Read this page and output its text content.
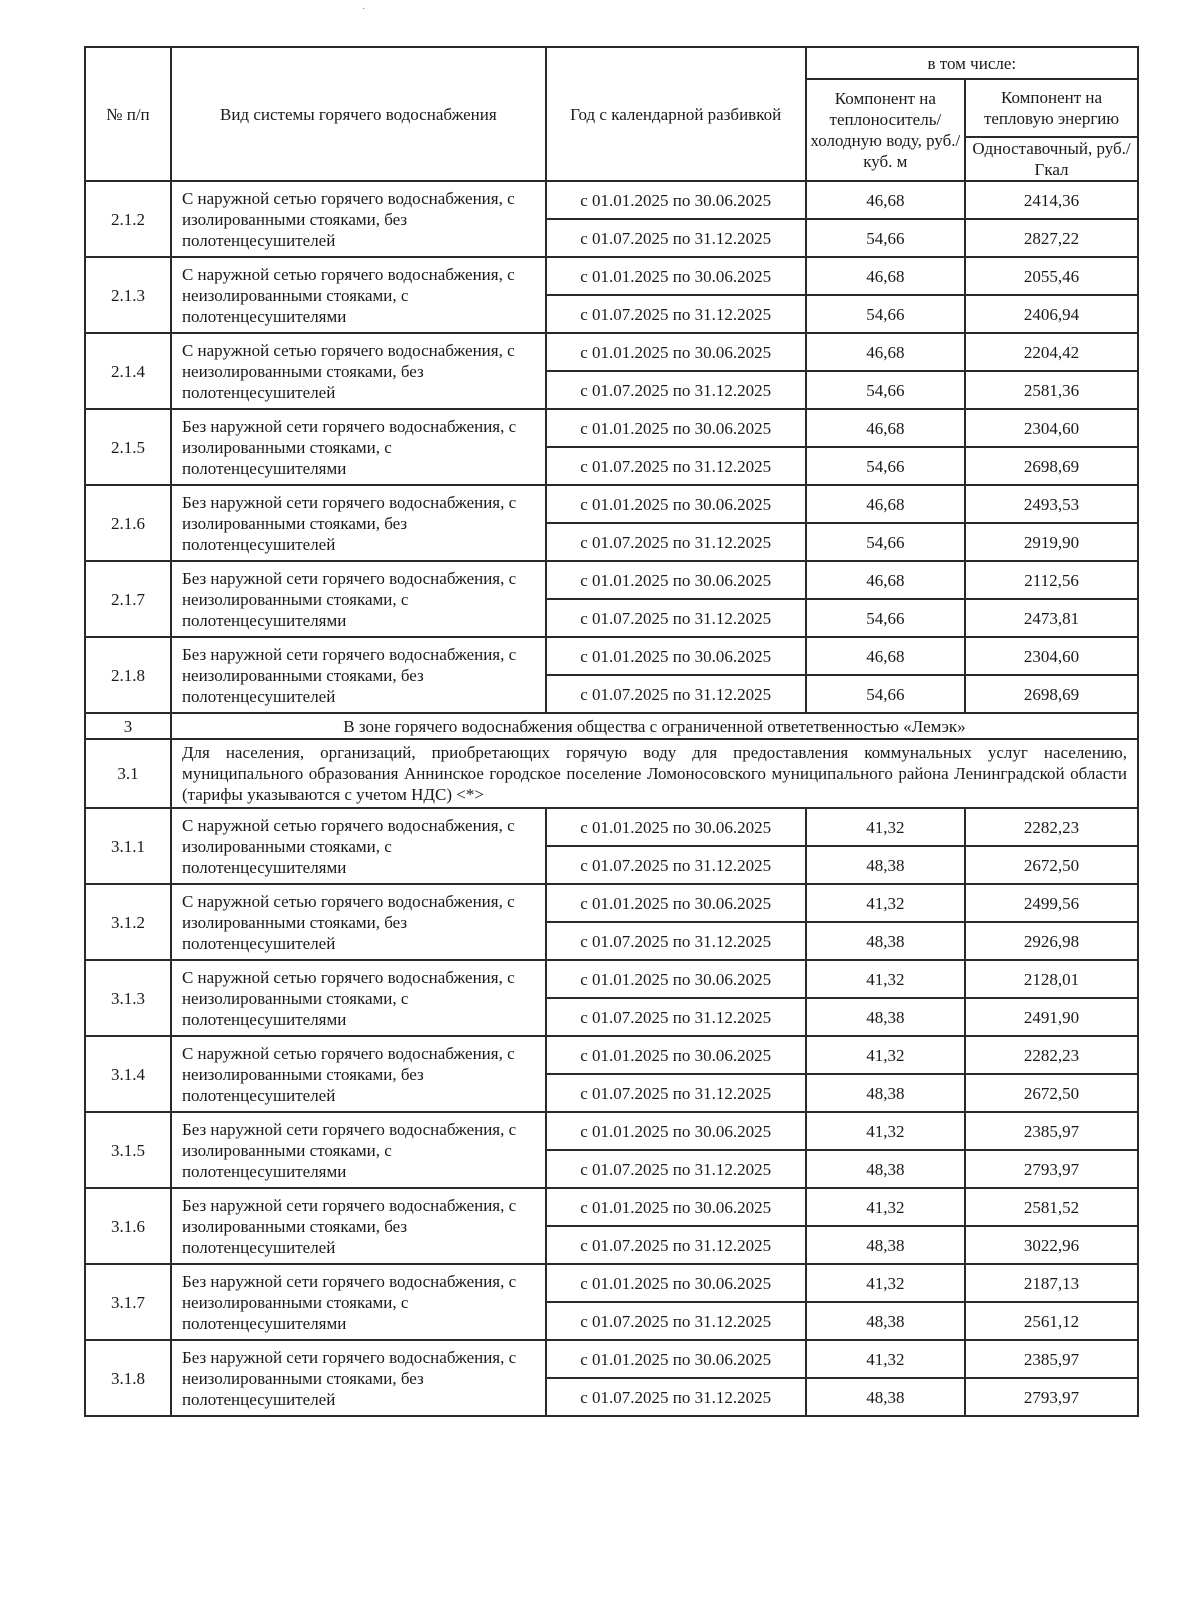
№ п/п	Вид системы горячего водоснабжения	Год с календарной разбивкой	в том числе:	
			Компонент на теплоноситель/ холодную воду, руб./куб. м	Компонент на тепловую энергию
				Одноставочный, руб./Гкал
2.1.2	С наружной сетью горячего водоснабжения, с изолированными стояками, без полотенцесушителей	с 01.01.2025 по 30.06.2025	46,68	2414,36
		с 01.07.2025 по 31.12.2025	54,66	2827,22
2.1.3	С наружной сетью горячего водоснабжения, с неизолированными стояками, с полотенцесушителями	с 01.01.2025 по 30.06.2025	46,68	2055,46
		с 01.07.2025 по 31.12.2025	54,66	2406,94
2.1.4	С наружной сетью горячего водоснабжения, с неизолированными стояками, без полотенцесушителей	с 01.01.2025 по 30.06.2025	46,68	2204,42
		с 01.07.2025 по 31.12.2025	54,66	2581,36
2.1.5	Без наружной сети горячего водоснабжения, с изолированными стояками, с полотенцесушителями	с 01.01.2025 по 30.06.2025	46,68	2304,60
		с 01.07.2025 по 31.12.2025	54,66	2698,69
2.1.6	Без наружной сети горячего водоснабжения, с изолированными стояками, без полотенцесушителей	с 01.01.2025 по 30.06.2025	46,68	2493,53
		с 01.07.2025 по 31.12.2025	54,66	2919,90
2.1.7	Без наружной сети горячего водоснабжения, с неизолированными стояками, с полотенцесушителями	с 01.01.2025 по 30.06.2025	46,68	2112,56
		с 01.07.2025 по 31.12.2025	54,66	2473,81
2.1.8	Без наружной сети горячего водоснабжения, с неизолированными стояками, без полотенцесушителей	с 01.01.2025 по 30.06.2025	46,68	2304,60
		с 01.07.2025 по 31.12.2025	54,66	2698,69
3	В зоне горячего водоснабжения общества с ограниченной ответетвенностью «Лемэк»			
3.1	Для населения, организаций, приобретающих горячую воду для предоставления коммунальных услуг населению, муниципального образования Аннинское городское поселение Ломоносовского муниципального района Ленинградской области (тарифы указываются с учетом НДС) <*>			
3.1.1	С наружной сетью горячего водоснабжения, с изолированными стояками, с полотенцесушителями	с 01.01.2025 по 30.06.2025	41,32	2282,23
		с 01.07.2025 по 31.12.2025	48,38	2672,50
3.1.2	С наружной сетью горячего водоснабжения, с изолированными стояками, без полотенцесушителей	с 01.01.2025 по 30.06.2025	41,32	2499,56
		с 01.07.2025 по 31.12.2025	48,38	2926,98
3.1.3	С наружной сетью горячего водоснабжения, с неизолированными стояками, с полотенцесушителями	с 01.01.2025 по 30.06.2025	41,32	2128,01
		с 01.07.2025 по 31.12.2025	48,38	2491,90
3.1.4	С наружной сетью горячего водоснабжения, с неизолированными стояками, без полотенцесушителей	с 01.01.2025 по 30.06.2025	41,32	2282,23
		с 01.07.2025 по 31.12.2025	48,38	2672,50
3.1.5	Без наружной сети горячего водоснабжения, с изолированными стояками, с полотенцесушителями	с 01.01.2025 по 30.06.2025	41,32	2385,97
		с 01.07.2025 по 31.12.2025	48,38	2793,97
3.1.6	Без наружной сети горячего водоснабжения, с изолированными стояками, без полотенцесушителей	с 01.01.2025 по 30.06.2025	41,32	2581,52
		с 01.07.2025 по 31.12.2025	48,38	3022,96
3.1.7	Без наружной сети горячего водоснабжения, с неизолированными стояками, с полотенцесушителями	с 01.01.2025 по 30.06.2025	41,32	2187,13
		с 01.07.2025 по 31.12.2025	48,38	2561,12
3.1.8	Без наружной сети горячего водоснабжения, с неизолированными стояками, без полотенцесушителей	с 01.01.2025 по 30.06.2025	41,32	2385,97
		с 01.07.2025 по 31.12.2025	48,38	2793,97
·
